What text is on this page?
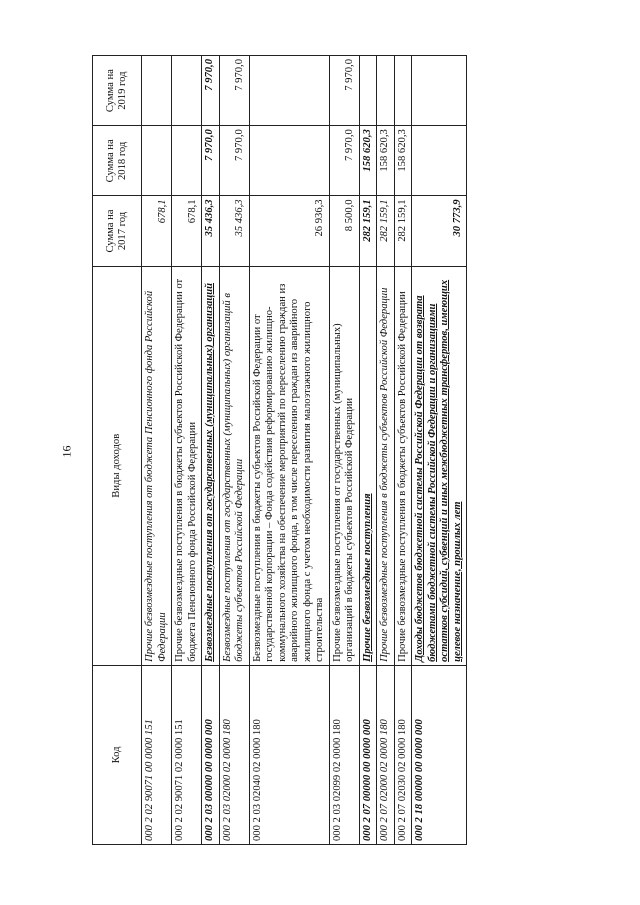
16
Код	Виды доходов	Сумма на 2017 год	Сумма на 2018 год	Сумма на 2019 год
000 2 02 90071 00 0000 151	Прочие безвозмездные поступления от бюджета Пенсионного фонда Российской Федерации	678,1		
000 2 02 90071 02 0000 151	Прочие безвозмездные поступления в бюджеты субъектов Российской Федерации от бюджета Пенсионного фонда Российской Федерации	678,1		
000 2 03 00000 00 0000 000	Безвозмездные поступления от государственных (муниципальных) организаций	35 436,3	7 970,0	7 970,0
000 2 03 02000 02 0000 180	Безвозмездные поступления от государственных (муниципальных) организаций в бюджеты субъектов Российской Федерации	35 436,3	7 970,0	7 970,0
000 2 03 02040 02 0000 180	Безвозмездные поступления в бюджеты субъектов Российской Федерации от государственной корпорации – Фонда содействия реформированию жилищно-коммунального хозяйства на обеспечение мероприятий по переселению граждан из аварийного жилищного фонда, в том числе переселению граждан из аварийного жилищного фонда с учетом необходимости развития малоэтажного жилищного строительства	26 936,3		
000 2 03 02099 02 0000 180	Прочие безвозмездные поступления от государственных (муниципальных) организаций в бюджеты субъектов Российской Федерации	8 500,0	7 970,0	7 970,0
000 2 07 00000 00 0000 000	Прочие безвозмездные поступления	282 159,1	158 620,3	
000 2 07 02000 02 0000 180	Прочие безвозмездные поступления в бюджеты субъектов Российской Федерации	282 159,1	158 620,3	
000 2 07 02030 02 0000 180	Прочие безвозмездные поступления в бюджеты субъектов Российской Федерации	282 159,1	158 620,3	
000 2 18 00000 00 0000 000	Доходы бюджетов бюджетной системы Российской Федерации от возврата бюджетами бюджетной системы Российской Федерации и организациями остатков субсидий, субвенций и иных межбюджетных трансфертов, имеющих целевое назначение, прошлых лет	30 773,9		
